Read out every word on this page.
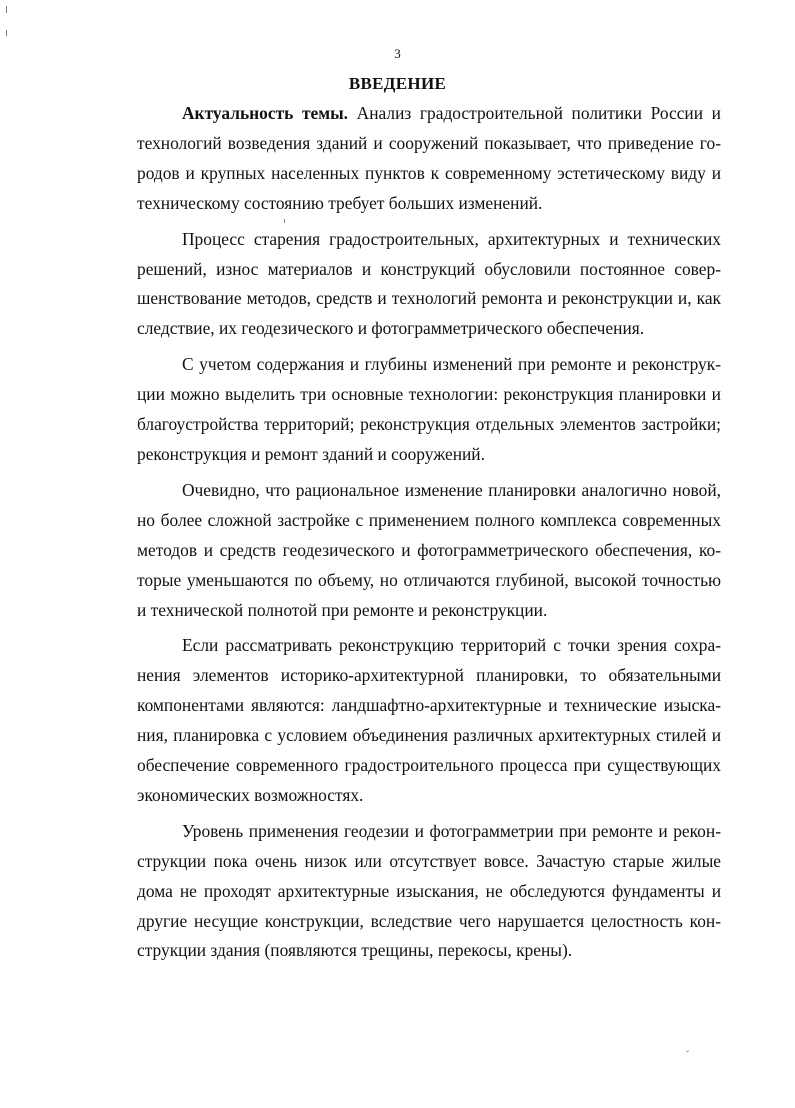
3
ВВЕДЕНИЕ

Актуальность темы. Анализ градостроительной политики России и технологий возведения зданий и сооружений показывает, что приведение городов и крупных населенных пунктов к современному эстетическому виду и техническому состоянию требует больших изменений.

Процесс старения градостроительных, архитектурных и технических решений, износ материалов и конструкций обусловили постоянное совершенствование методов, средств и технологий ремонта и реконструкции и, как следствие, их геодезического и фотограмметрического обеспечения.

С учетом содержания и глубины изменений при ремонте и реконструкции можно выделить три основные технологии: реконструкция планировки и благоустройства территорий; реконструкция отдельных элементов застройки; реконструкция и ремонт зданий и сооружений.

Очевидно, что рациональное изменение планировки аналогично новой, но более сложной застройке с применением полного комплекса современных методов и средств геодезического и фотограмметрического обеспечения, которые уменьшаются по объему, но отличаются глубиной, высокой точностью и технической полнотой при ремонте и реконструкции.

Если рассматривать реконструкцию территорий с точки зрения сохранения элементов историко-архитектурной планировки, то обязательными компонентами являются: ландшафтно-архитектурные и технические изыскания, планировка с условием объединения различных архитектурных стилей и обеспечение современного градостроительного процесса при существующих экономических возможностях.

Уровень применения геодезии и фотограмметрии при ремонте и реконструкции пока очень низок или отсутствует вовсе. Зачастую старые жилые дома не проходят архитектурные изыскания, не обследуются фундаменты и другие несущие конструкции, вследствие чего нарушается целостность конструкции здания (появляются трещины, перекосы, крены).
